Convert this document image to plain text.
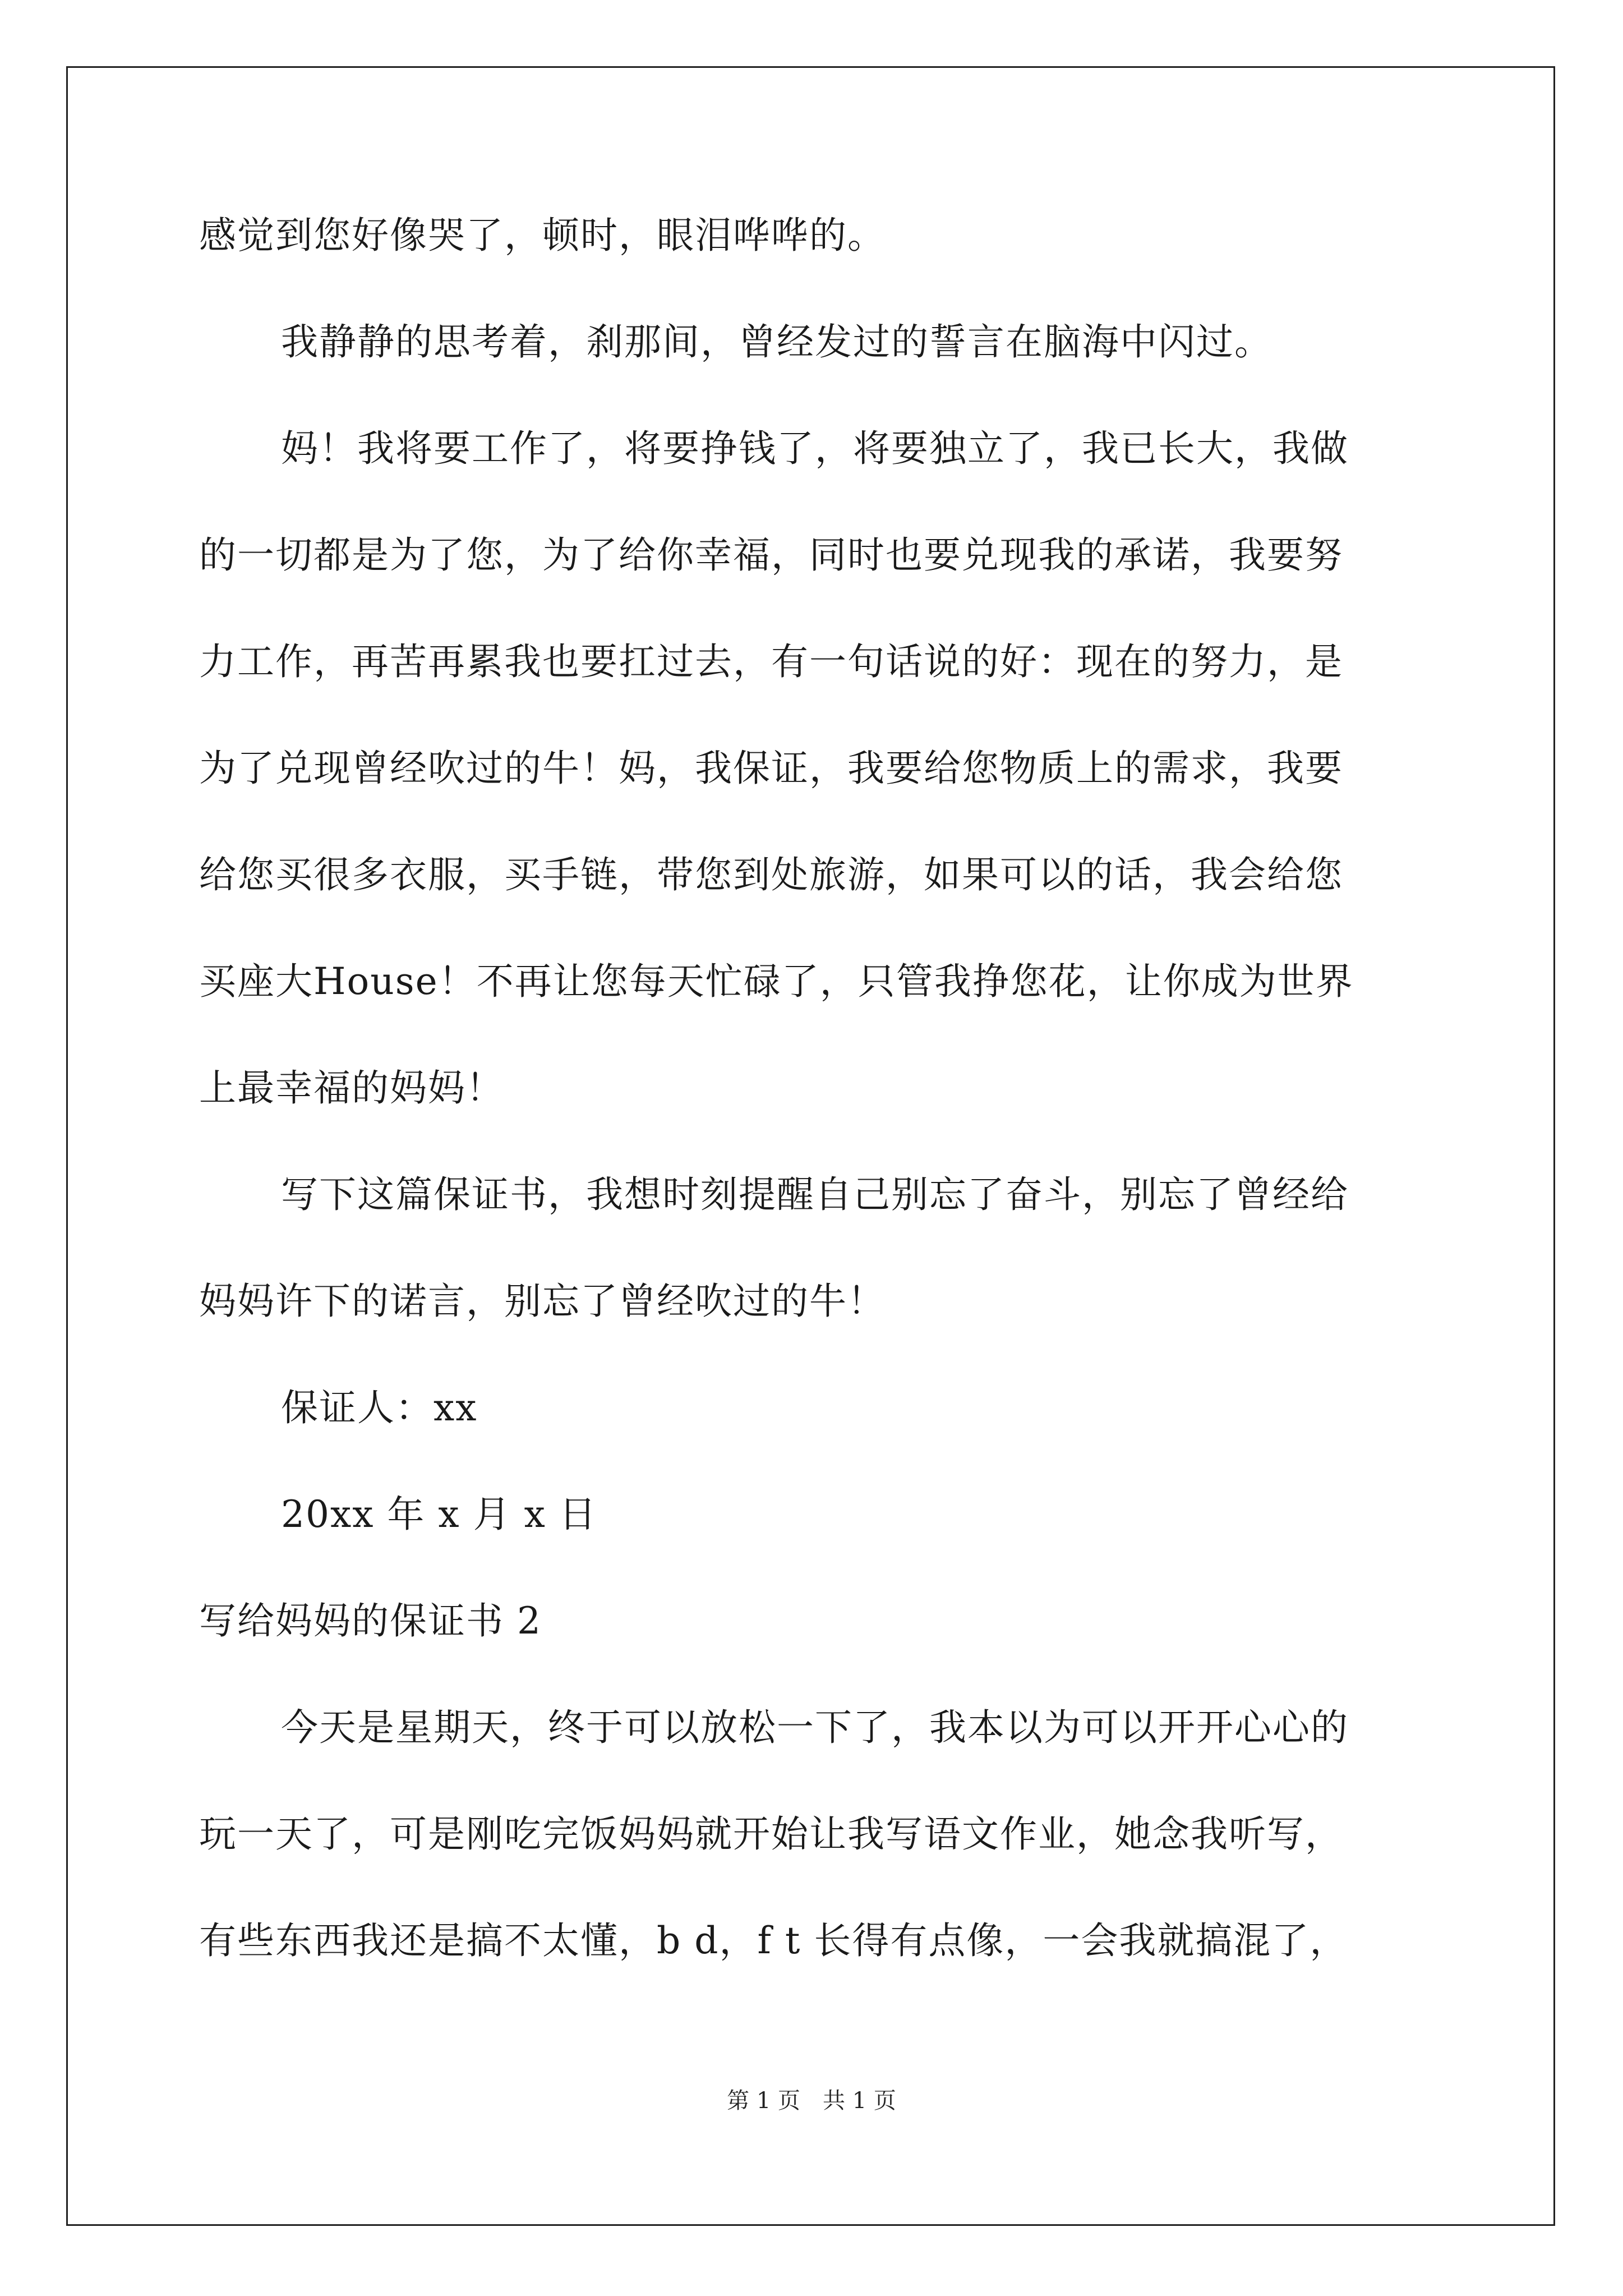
感觉到您好像哭了，顿时，眼泪哗哗的。
我静静的思考着，刹那间，曾经发过的誓言在脑海中闪过。
妈！我将要工作了，将要挣钱了，将要独立了，我已长大，我做
的一切都是为了您，为了给你幸福，同时也要兑现我的承诺，我要努
力工作，再苦再累我也要扛过去，有一句话说的好：现在的努力，是
为了兑现曾经吹过的牛！妈，我保证，我要给您物质上的需求，我要
给您买很多衣服，买手链，带您到处旅游，如果可以的话，我会给您
买座大House！不再让您每天忙碌了，只管我挣您花，让你成为世界
上最幸福的妈妈！
写下这篇保证书，我想时刻提醒自己别忘了奋斗，别忘了曾经给
妈妈许下的诺言，别忘了曾经吹过的牛！
保证人：xx
20xx 年 x 月 x 日
写给妈妈的保证书 2
今天是星期天，终于可以放松一下了，我本以为可以开开心心的
玩一天了，可是刚吃完饭妈妈就开始让我写语文作业，她念我听写，
有些东西我还是搞不太懂，b d，f t 长得有点像，一会我就搞混了，
第 1 页　共 1 页
